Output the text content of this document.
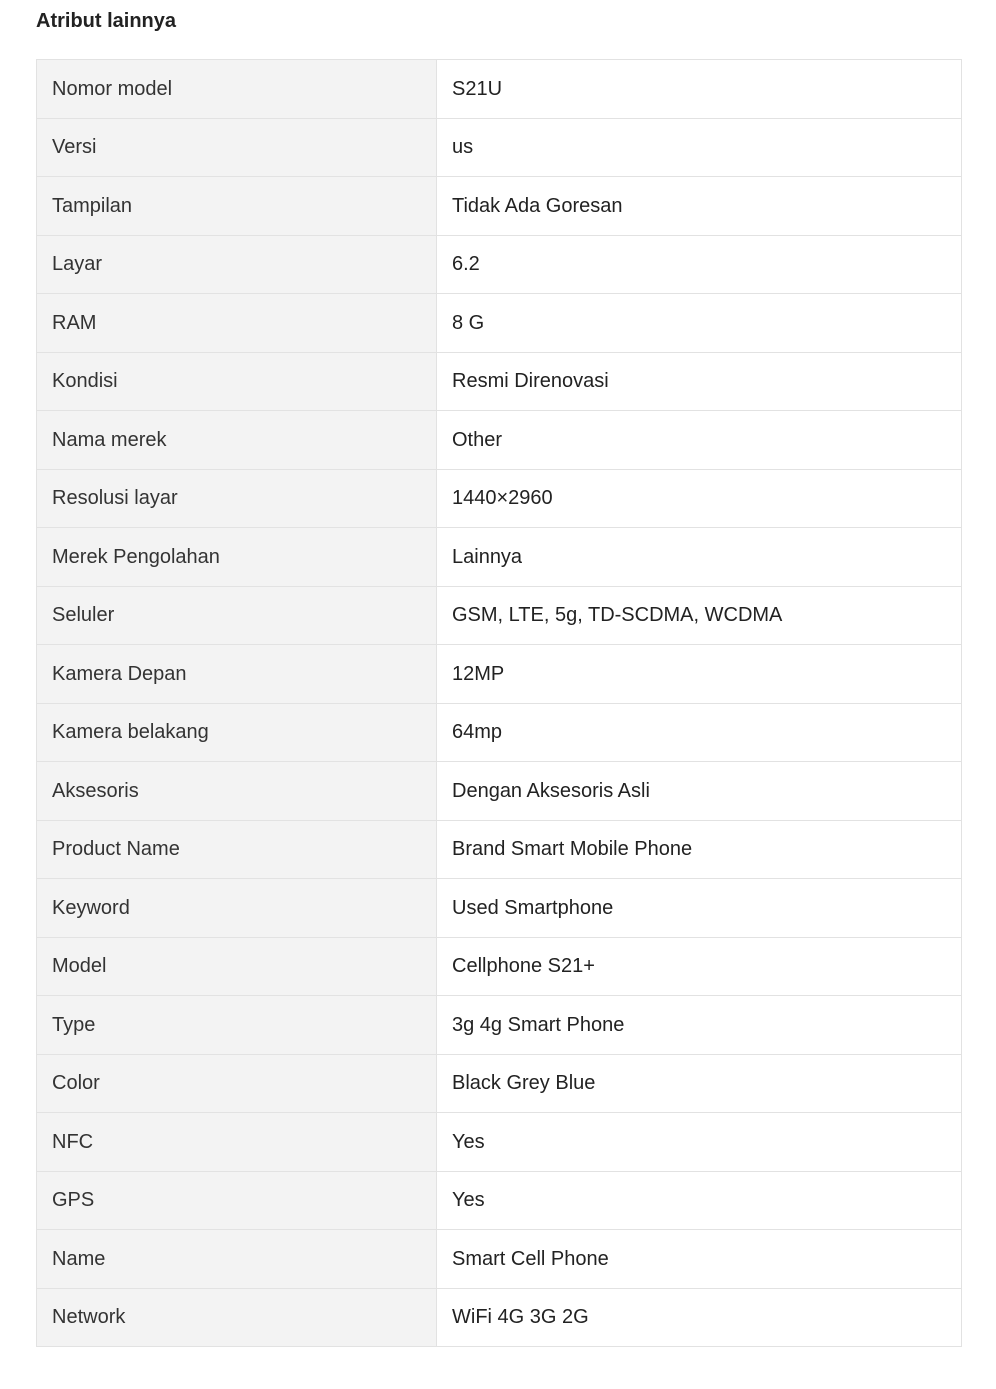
Atribut lainnya
Nomor model	S21U
Versi	us
Tampilan	Tidak Ada Goresan
Layar	6.2
RAM	8 G
Kondisi	Resmi Direnovasi
Nama merek	Other
Resolusi layar	1440×2960
Merek Pengolahan	Lainnya
Seluler	GSM, LTE, 5g, TD-SCDMA, WCDMA
Kamera Depan	12MP
Kamera belakang	64mp
Aksesoris	Dengan Aksesoris Asli
Product Name	Brand Smart Mobile Phone
Keyword	Used Smartphone
Model	Cellphone S21+
Type	3g 4g Smart Phone
Color	Black Grey Blue
NFC	Yes
GPS	Yes
Name	Smart Cell Phone
Network	WiFi 4G 3G 2G
